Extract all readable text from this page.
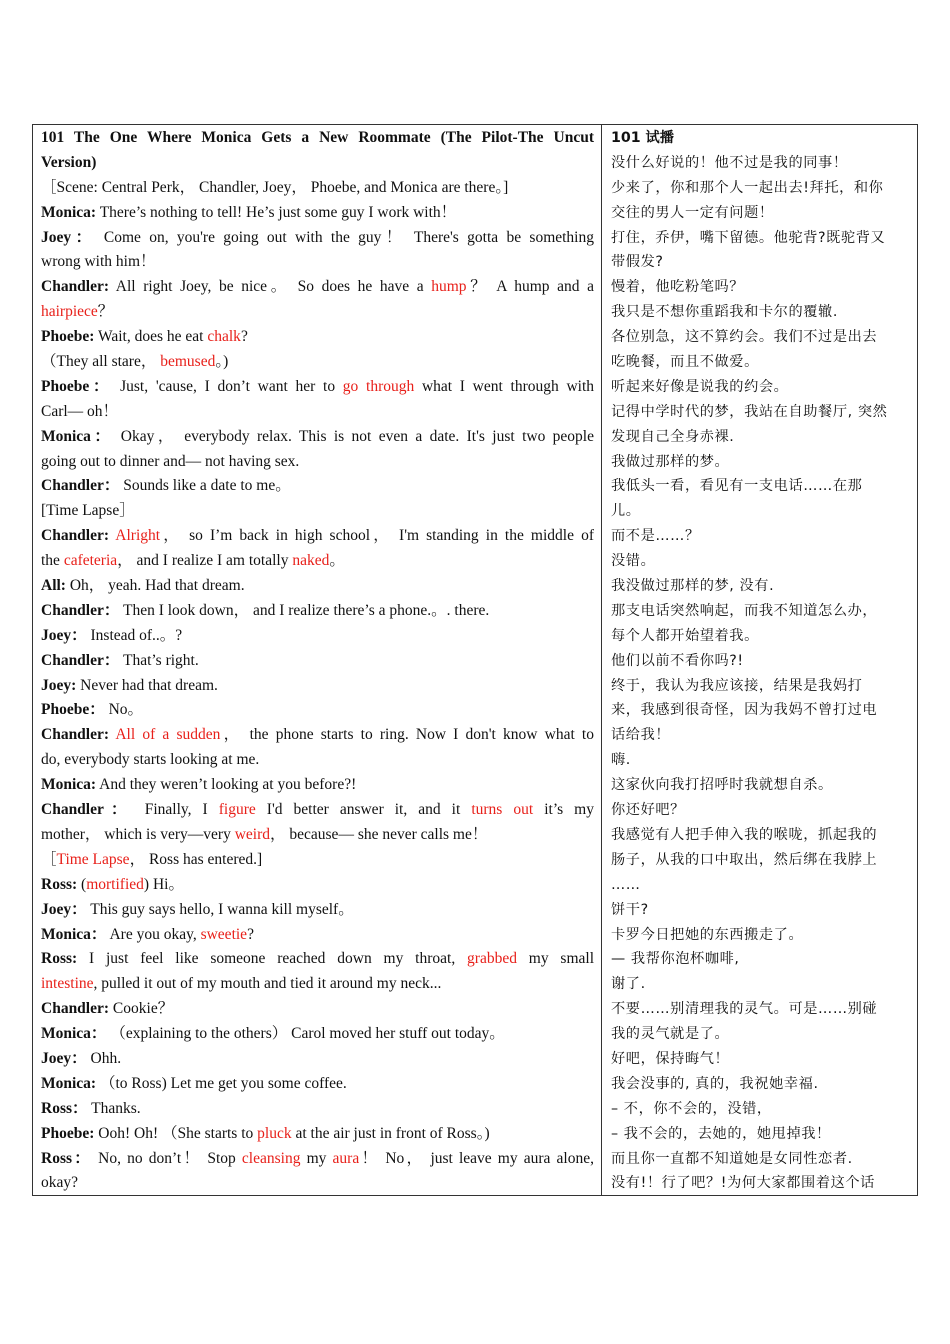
101 The One Where Monica Gets a New Roommate (The Pilot-The Uncut
Version)
［Scene: Central Perk， Chandler, Joey， Phoebe, and Monica are there。]
Monica: There’s nothing to tell! He’s just some guy I work with！
Joey： Come on, you're going out with the guy！ There's gotta be something
wrong with him！
Chandler: All right Joey, be nice。 So does he have a hump？ A hump and a
hairpiece？
Phoebe: Wait, does he eat chalk?
（They all stare， bemused。)
Phoebe： Just, 'cause, I don’t want her to go through what I went through with
Carl— oh！
Monica： Okay， everybody relax. This is not even a date. It's just two people
going out to dinner and— not having sex.
Chandler： Sounds like a date to me。
[Time Lapse］
Chandler: Alright， so I’m back in high school， I'm standing in the middle of
the cafeteria， and I realize I am totally naked。
All: Oh， yeah. Had that dream.
Chandler： Then I look down， and I realize there’s a phone.。. there.
Joey： Instead of..。?
Chandler： That’s right.
Joey: Never had that dream.
Phoebe： No。
Chandler: All of a sudden， the phone starts to ring. Now I don't know what to
do, everybody starts looking at me.
Monica: And they weren’t looking at you before?!
Chandler： Finally, I figure I'd better answer it, and it turns out it’s my
mother， which is very—very weird， because— she never calls me！
［Time Lapse， Ross has entered.]
Ross: (mortified) Hi。
Joey： This guy says hello, I wanna kill myself。
Monica： Are you okay, sweetie?
Ross: I just feel like someone reached down my throat, grabbed my small
intestine, pulled it out of my mouth and tied it around my neck...
Chandler: Cookie？
Monica： （explaining to the others） Carol moved her stuff out today。
Joey： Ohh.
Monica: （to Ross) Let me get you some coffee.
Ross： Thanks.
Phoebe: Ooh! Oh! （She starts to pluck at the air just in front of Ross。)
Ross： No, no don’t！ Stop cleansing my aura！ No， just leave my aura alone,
okay?
101 试播
没什么好说的！他不过是我的同事！
少来了，你和那个人一起出去!拜托，和你
交往的男人一定有问题！
打住，乔伊，嘴下留德。他驼背?既驼背又
带假发?
慢着，他吃粉笔吗？
我只是不想你重蹈我和卡尔的覆辙.
各位别急，这不算约会。我们不过是出去
吃晚餐，而且不做爱。
听起来好像是说我的约会。
记得中学时代的梦，我站在自助餐厅, 突然
发现自己全身赤裸.
我做过那样的梦。
我低头一看，看见有一支电话……在那
儿。
而不是……？
没错。
我没做过那样的梦, 没有.
那支电话突然响起，而我不知道怎么办，
每个人都开始望着我。
他们以前不看你吗?!
终于，我认为我应该接，结果是我妈打
来，我感到很奇怪，因为我妈不曾打过电
话给我！
嗨.
这家伙向我打招呼时我就想自杀。
你还好吧？
我感觉有人把手伸入我的喉咙，抓起我的
肠子，从我的口中取出，然后绑在我脖上
……
饼干?
卡罗今日把她的东西搬走了。
— 我帮你泡杯咖啡,
谢了.
不要……别清理我的灵气。可是……别碰
我的灵气就是了。
好吧，保持晦气！
我会没事的, 真的，我祝她幸福.
– 不，你不会的，没错，
– 我不会的，去她的，她甩掉我！
而且你一直都不知道她是女同性恋者.
没有!！行了吧？!为何大家都围着这个话
